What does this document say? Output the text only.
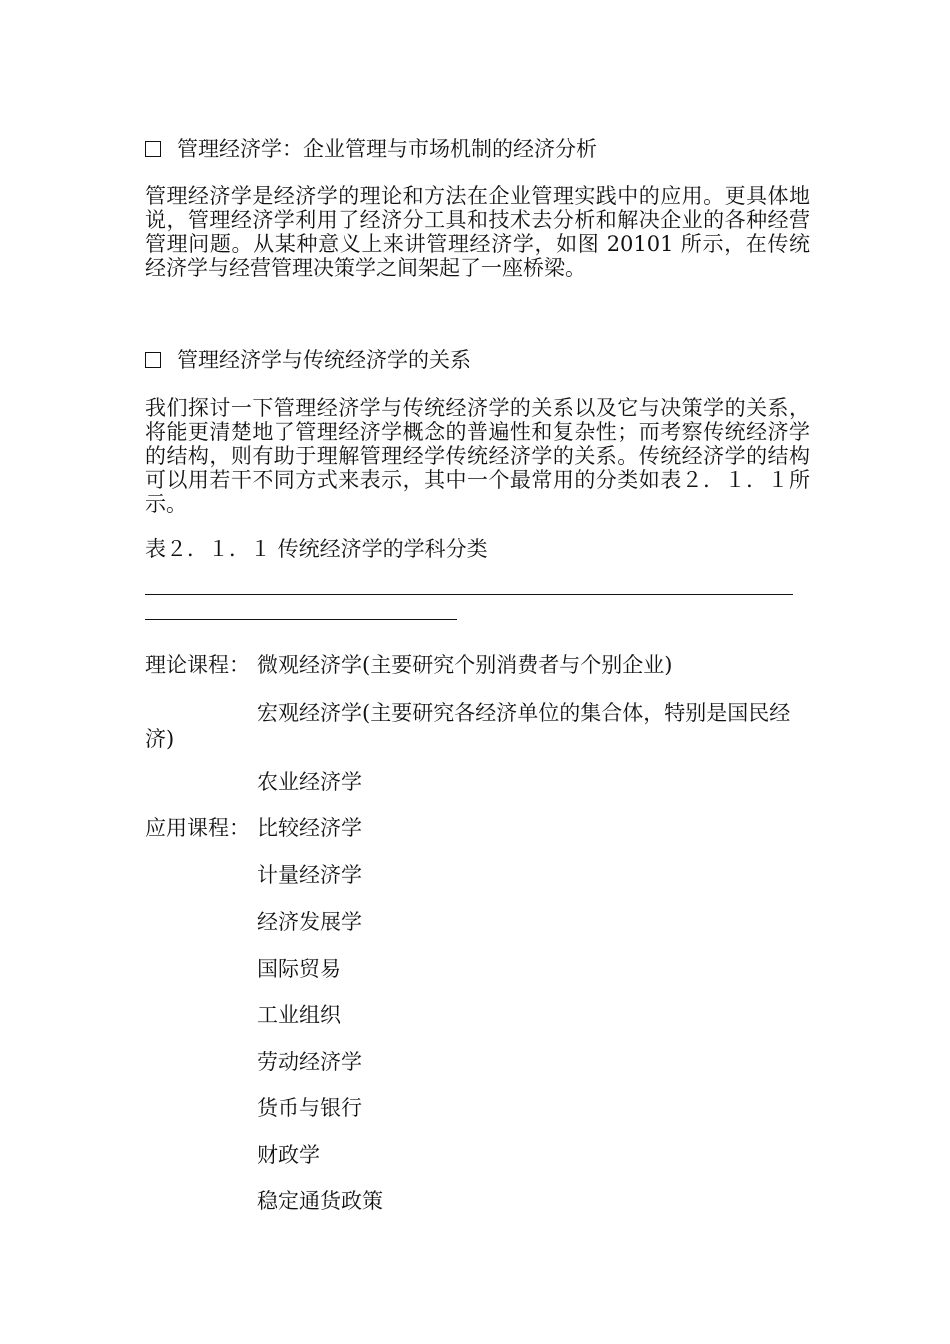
管理经济学：企业管理与市场机制的经济分析
管理经济学是经济学的理论和方法在企业管理实践中的应用。更具体地说，管理经济学利用了经济分工具和技术去分析和解决企业的各种经营管理问题。从某种意义上来讲管理经济学，如图 20101 所示，在传统经济学与经营管理决策学之间架起了一座桥梁。
管理经济学与传统经济学的关系
我们探讨一下管理经济学与传统经济学的关系以及它与决策学的关系，将能更清楚地了管理经济学概念的普遍性和复杂性；而考察传统经济学的结构，则有助于理解管理经学传统经济学的关系。传统经济学的结构可以用若干不同方式来表示，其中一个最常用的分类如表２．１．１所示。
表２．１．１ 传统经济学的学科分类
理论课程： 微观经济学(主要研究个别消费者与个别企业)
宏观经济学(主要研究各经济单位的集合体，特别是国民经济)
农业经济学
应用课程： 比较经济学
计量经济学
经济发展学
国际贸易
工业组织
劳动经济学
货币与银行
财政学
稳定通货政策
